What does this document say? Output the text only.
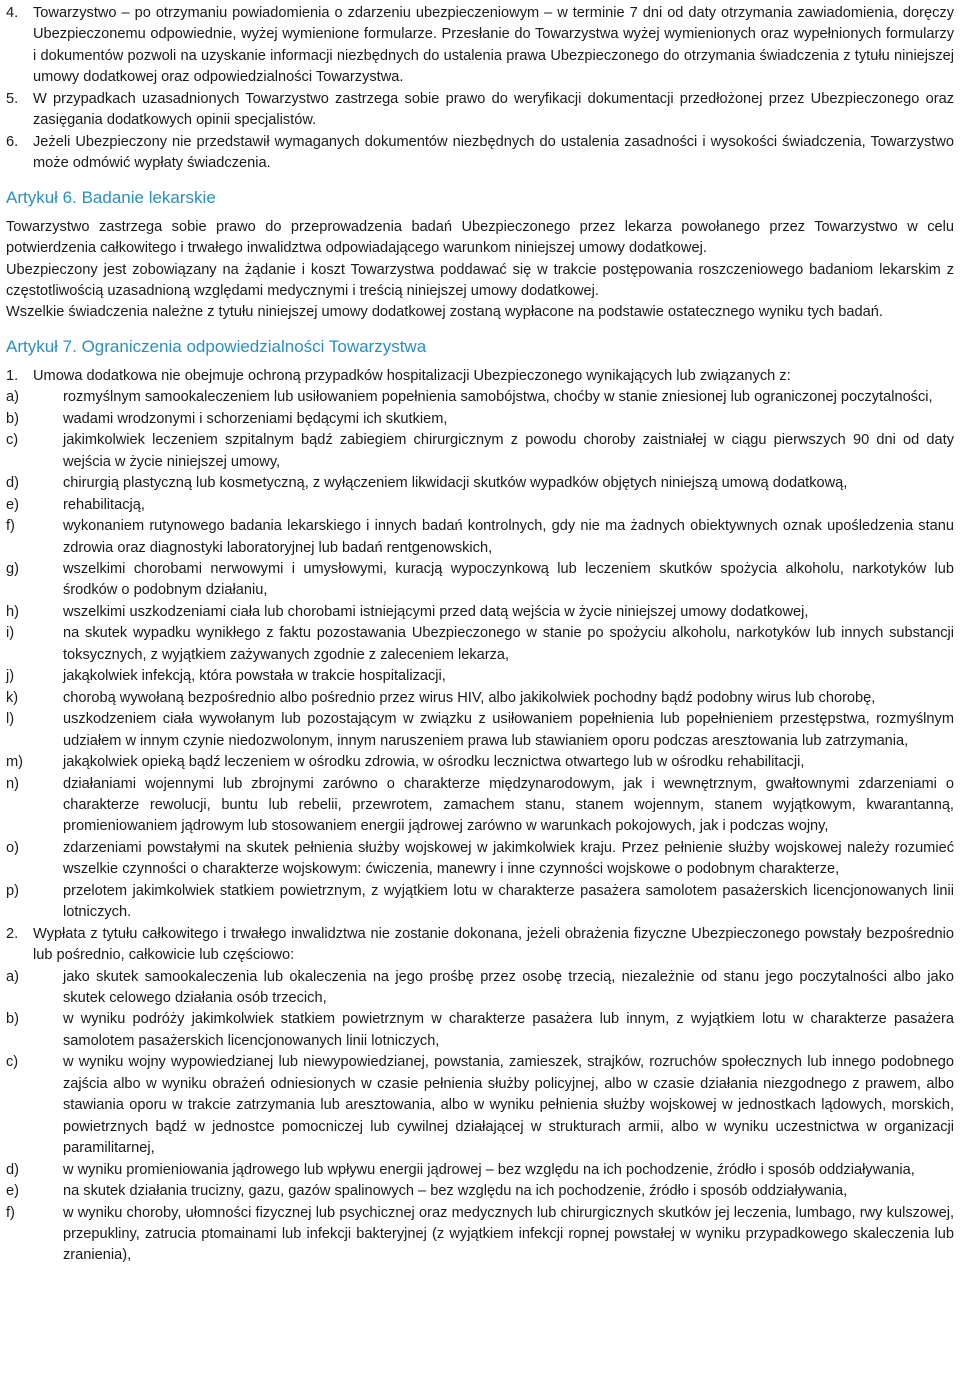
4.	Towarzystwo – po otrzymaniu powiadomienia o zdarzeniu ubezpieczeniowym – w terminie 7 dni od daty otrzymania zawiadomienia, doręczy Ubezpieczonemu odpowiednie, wyżej wymienione formularze. Przesłanie do Towarzystwa wyżej wymienionych oraz wypełnionych formularzy i dokumentów pozwoli na uzyskanie informacji niezbędnych do ustalenia prawa Ubezpieczonego do otrzymania świadczenia z tytułu niniejszej umowy dodatkowej oraz odpowiedzialności Towarzystwa.
5.	W przypadkach uzasadnionych Towarzystwo zastrzega sobie prawo do weryfikacji dokumentacji przedłożonej przez Ubezpieczonego oraz zasięgania dodatkowych opinii specjalistów.
6.	Jeżeli Ubezpieczony nie przedstawił wymaganych dokumentów niezbędnych do ustalenia zasadności i wysokości świadczenia, Towarzystwo może odmówić wypłaty świadczenia.
Artykuł 6. Badanie lekarskie

Towarzystwo zastrzega sobie prawo do przeprowadzenia badań Ubezpieczonego przez lekarza powołanego przez Towarzystwo w celu potwierdzenia całkowitego i trwałego inwalidztwa odpowiadającego warunkom niniejszej umowy dodatkowej.

Ubezpieczony jest zobowiązany na żądanie i koszt Towarzystwa poddawać się w trakcie postępowania roszczeniowego badaniom lekarskim z częstotliwością uzasadnioną względami medycznymi i treścią niniejszej umowy dodatkowej.

Wszelkie świadczenia należne z tytułu niniejszej umowy dodatkowej zostaną wypłacone na podstawie ostatecznego wyniku tych badań.

Artykuł 7. Ograniczenia odpowiedzialności Towarzystwa
1.	Umowa dodatkowa nie obejmuje ochroną przypadków hospitalizacji Ubezpieczonego wynikających lub związanych z:
a)	rozmyślnym samookaleczeniem lub usiłowaniem popełnienia samobójstwa, choćby w stanie zniesionej lub ograniczonej poczytalności,
b)	wadami wrodzonymi i schorzeniami będącymi ich skutkiem,
c)	jakimkolwiek leczeniem szpitalnym bądź zabiegiem chirurgicznym z powodu choroby zaistniałej w ciągu pierwszych 90 dni od daty wejścia w życie niniejszej umowy,
d)	chirurgią plastyczną lub kosmetyczną, z wyłączeniem likwidacji skutków wypadków objętych niniejszą umową dodatkową,
e)	rehabilitacją,
f)	wykonaniem rutynowego badania lekarskiego i innych badań kontrolnych, gdy nie ma żadnych obiektywnych oznak upośledzenia stanu zdrowia oraz diagnostyki laboratoryjnej lub badań rentgenowskich,
g)	wszelkimi chorobami nerwowymi i umysłowymi, kuracją wypoczynkową lub leczeniem skutków spożycia alkoholu, narkotyków lub środków o podobnym działaniu,
h)	wszelkimi uszkodzeniami ciała lub chorobami istniejącymi przed datą wejścia w życie niniejszej umowy dodatkowej,
i)	na skutek wypadku wynikłego z faktu pozostawania Ubezpieczonego w stanie po spożyciu alkoholu, narkotyków lub innych substancji toksycznych, z wyjątkiem zażywanych zgodnie z zaleceniem lekarza,
j)	jakąkolwiek infekcją, która powstała w trakcie hospitalizacji,
k)	chorobą wywołaną bezpośrednio albo pośrednio przez wirus HIV, albo jakikolwiek pochodny bądź podobny wirus lub chorobę,
l)	uszkodzeniem ciała wywołanym lub pozostającym w związku z usiłowaniem popełnienia lub popełnieniem przestępstwa, rozmyślnym udziałem w innym czynie niedozwolonym, innym naruszeniem prawa lub stawianiem oporu podczas aresztowania lub zatrzymania,
m)	jakąkolwiek opieką bądź leczeniem w ośrodku zdrowia, w ośrodku lecznictwa otwartego lub w ośrodku rehabilitacji,
n)	działaniami wojennymi lub zbrojnymi zarówno o charakterze międzynarodowym, jak i wewnętrznym, gwałtownymi zdarzeniami o charakterze rewolucji, buntu lub rebelii, przewrotem, zamachem stanu, stanem wojennym, stanem wyjątkowym, kwarantanną, promieniowaniem jądrowym lub stosowaniem energii jądrowej zarówno w warunkach pokojowych, jak i podczas wojny,
o)	zdarzeniami powstałymi na skutek pełnienia służby wojskowej w jakimkolwiek kraju. Przez pełnienie służby wojskowej należy rozumieć wszelkie czynności o charakterze wojskowym: ćwiczenia, manewry i inne czynności wojskowe o podobnym charakterze,
p)	przelotem jakimkolwiek statkiem powietrznym, z wyjątkiem lotu w charakterze pasażera samolotem pasażerskich licencjonowanych linii lotniczych.
2.	Wypłata z tytułu całkowitego i trwałego inwalidztwa nie zostanie dokonana, jeżeli obrażenia fizyczne Ubezpieczonego powstały bezpośrednio lub pośrednio, całkowicie lub częściowo:
a)	jako skutek samookaleczenia lub okaleczenia na jego prośbę przez osobę trzecią, niezależnie od stanu jego poczytalności albo jako skutek celowego działania osób trzecich,
b)	w wyniku podróży jakimkolwiek statkiem powietrznym w charakterze pasażera lub innym, z wyjątkiem lotu w charakterze pasażera samolotem pasażerskich licencjonowanych linii lotniczych,
c)	w wyniku wojny wypowiedzianej lub niewypowiedzianej, powstania, zamieszek, strajków, rozruchów społecznych lub innego podobnego zajścia albo w wyniku obrażeń odniesionych w czasie pełnienia służby policyjnej, albo w czasie działania niezgodnego z prawem, albo stawiania oporu w trakcie zatrzymania lub aresztowania, albo w wyniku pełnienia służby wojskowej w jednostkach lądowych, morskich, powietrznych bądź w jednostce pomocniczej lub cywilnej działającej w strukturach armii, albo w wyniku uczestnictwa w organizacji paramilitarnej,
d)	w wyniku promieniowania jądrowego lub wpływu energii jądrowej – bez względu na ich pochodzenie, źródło i sposób oddziaływania,
e)	na skutek działania trucizny, gazu, gazów spalinowych – bez względu na ich pochodzenie, źródło i sposób oddziaływania,
f)	w wyniku choroby, ułomności fizycznej lub psychicznej oraz medycznych lub chirurgicznych skutków jej leczenia, lumbago, rwy kulszowej, przepukliny, zatrucia ptomainami lub infekcji bakteryjnej (z wyjątkiem infekcji ropnej powstałej w wyniku przypadkowego skaleczenia lub zranienia),
